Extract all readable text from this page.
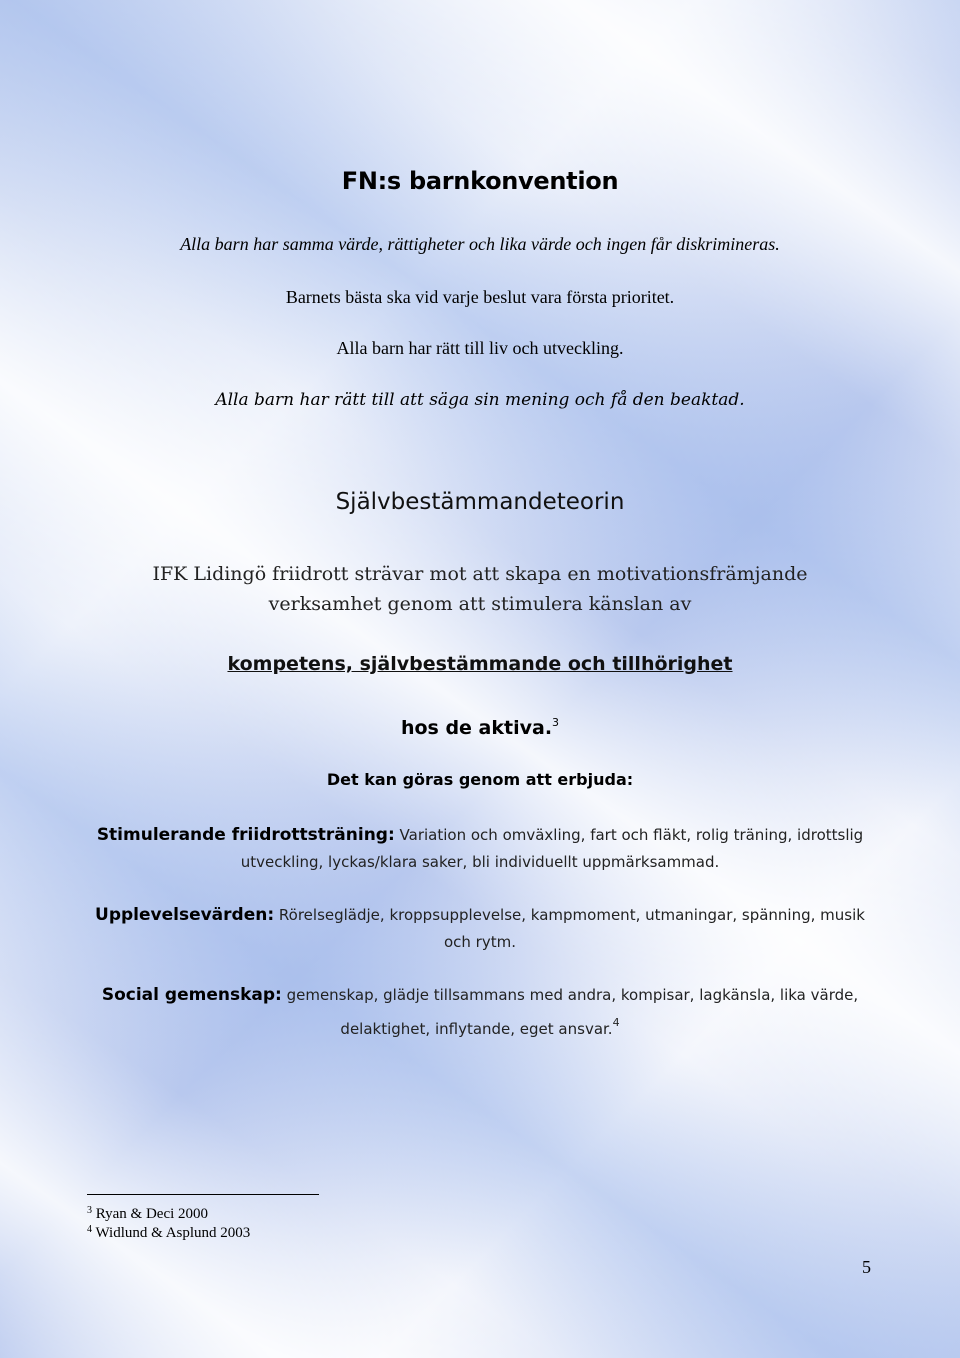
FN:s barnkonvention
Alla barn har samma värde, rättigheter och lika värde och ingen får diskrimineras.
Barnets bästa ska vid varje beslut vara första prioritet.
Alla barn har rätt till liv och utveckling.
Alla barn har rätt till att säga sin mening och få den beaktad.
Självbestämmandeteorin
IFK Lidingö friidrott strävar mot att skapa en motivationsfrämjande
verksamhet genom att stimulera känslan av
kompetens, självbestämmande och tillhörighet
hos de aktiva.$^3$
Det kan göras genom att erbjuda:
Stimulerande friidrottsträning: Variation och omväxling, fart och fläkt, rolig träning, idrottslig utveckling, lyckas/klara saker, bli individuellt uppmärksammad.
Upplevelsevärden: Rörelseglädje, kroppsupplevelse, kampmoment, utmaningar, spänning, musik och rytm.
Social gemenskap: gemenskap, glädje tillsammans med andra, kompisar, lagkänsla, lika värde, delaktighet, inflytande, eget ansvar.$^4$
$^3$ Ryan & Deci 2000
$^4$ Widlund & Asplund 2003
5
